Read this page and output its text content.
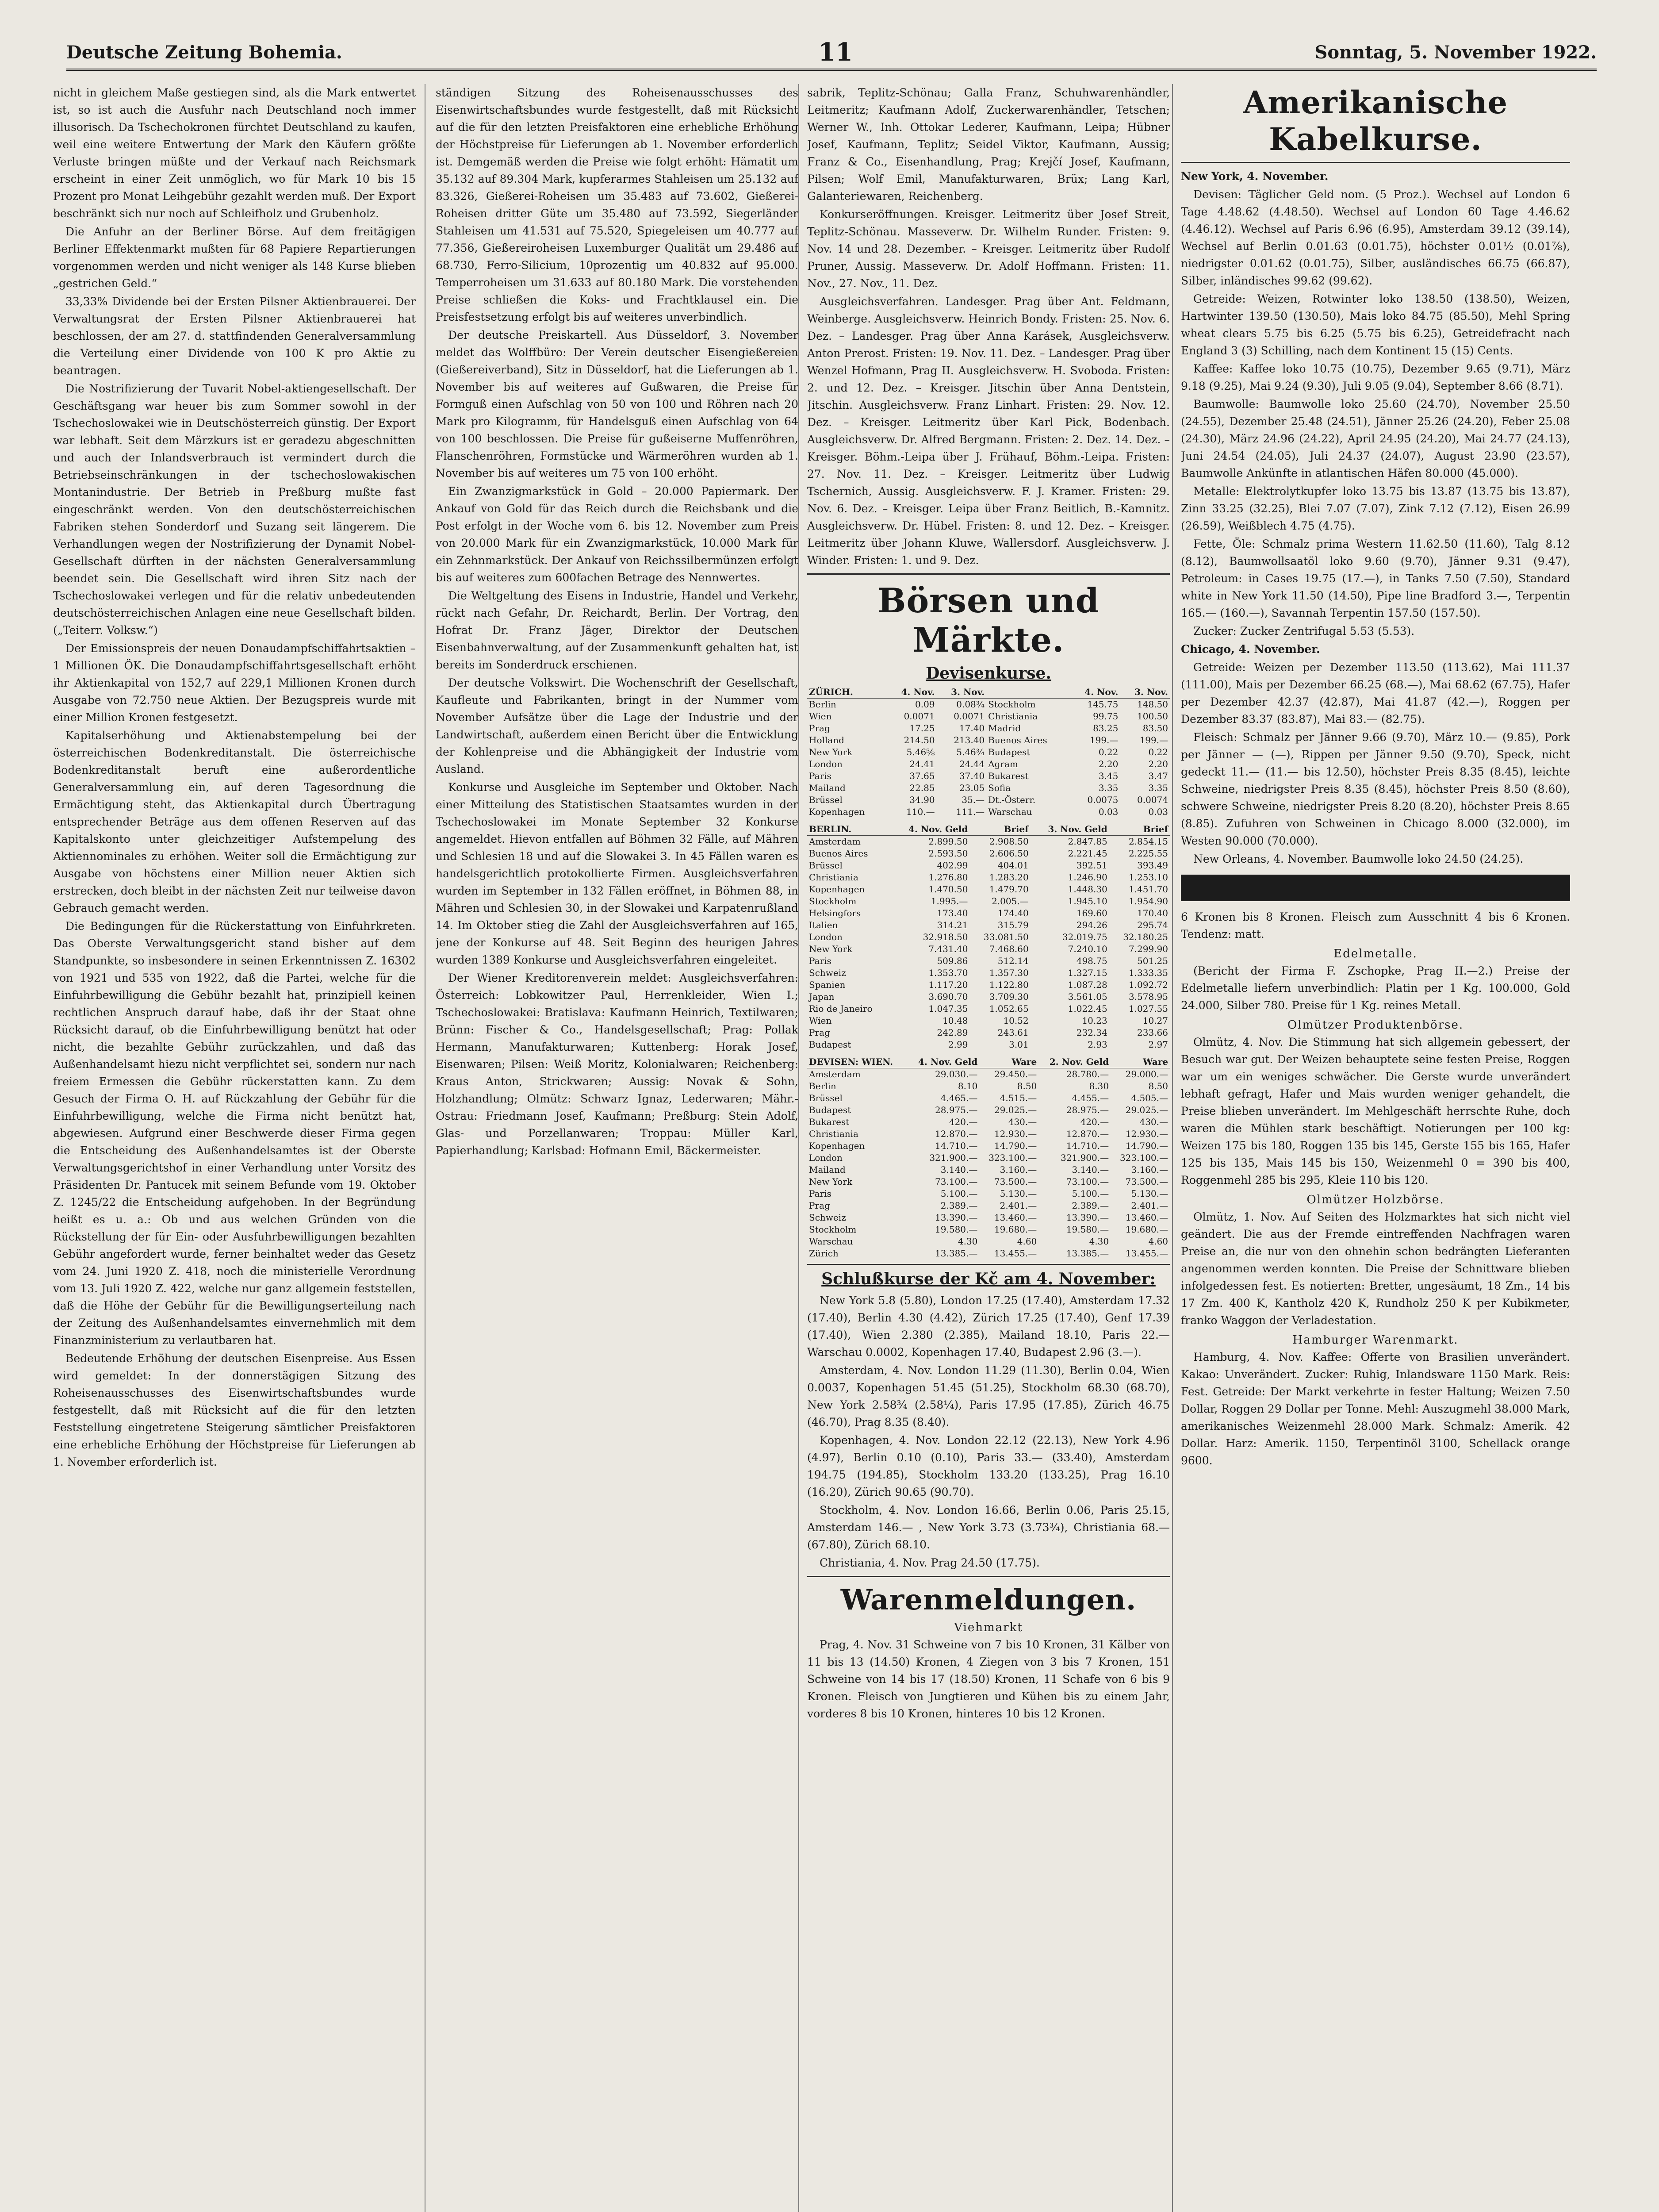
Deutsche Zeitung Bohemia.	11	Sonntag, 5. November 1922.

nicht in gleichem Maße gestiegen sind, als die Mark entwertet ist, so ist auch die Ausfuhr nach Deutschland noch immer illusorisch. Da Tschechokronen fürchtet Deutschland zu kaufen, weil eine weitere Entwertung der Mark den Käufern größte Verluste bringen müßte und der Verkauf nach Reichsmark erscheint in einer Zeit unmöglich, wo für Mark 10 bis 15 Prozent pro Monat Leihgebühr gezahlt werden muß. Der Export beschränkt sich nur noch auf Schleifholz und Grubenholz.

Die Anfuhr an der Berliner Börse. Auf dem freitägigen Berliner Effektenmarkt mußten für 68 Papiere Repartierungen vorgenommen werden und nicht weniger als 148 Kurse blieben „gestrichen Geld.“

33,33% Dividende bei der Ersten Pilsner Aktienbrauerei. Der Verwaltungsrat der Ersten Pilsner Aktienbrauerei hat beschlossen, der am 27. d. stattfindenden Generalversammlung die Verteilung einer Dividende von 100 K pro Aktie zu beantragen.

Die Nostrifizierung der Tuvarit Nobel-aktiengesellschaft. Der Geschäftsgang war heuer bis zum Sommer sowohl in der Tschechoslowakei wie in Deutschösterreich günstig. Der Export war lebhaft. Seit dem Märzkurs ist er geradezu abgeschnitten und auch der Inlandsverbrauch ist vermindert durch die Betriebseinschränkungen in der tschechoslowakischen Montanindustrie. Der Betrieb in Preßburg mußte fast eingeschränkt werden. Von den deutschösterreichischen Fabriken stehen Sonderdorf und Suzang seit längerem. Die Verhandlungen wegen der Nostrifizierung der Dynamit Nobel-Gesellschaft dürften in der nächsten Generalversammlung beendet sein. Die Gesellschaft wird ihren Sitz nach der Tschechoslowakei verlegen und für die relativ unbedeutenden deutschösterreichischen Anlagen eine neue Gesellschaft bilden. („Teiterr. Volksw.“)

Der Emissionspreis der neuen Donaudampfschiffahrtsaktien – 1 Millionen ÖK. Die Donaudampfschiffahrtsgesellschaft erhöht ihr Aktienkapital von 152,7 auf 229,1 Millionen Kronen durch Ausgabe von 72.750 neue Aktien. Der Bezugspreis wurde mit einer Million Kronen festgesetzt.

Kapitalserhöhung und Aktienabstempelung bei der österreichischen Bodenkreditanstalt. Die österreichische Bodenkreditanstalt beruft eine außerordentliche Generalversammlung ein, auf deren Tagesordnung die Ermächtigung steht, das Aktienkapital durch Übertragung entsprechender Beträge aus dem offenen Reserven auf das Kapitalskonto unter gleichzeitiger Aufstempelung des Aktiennominales zu erhöhen. Weiter soll die Ermächtigung zur Ausgabe von höchstens einer Million neuer Aktien sich erstrecken, doch bleibt in der nächsten Zeit nur teilweise davon Gebrauch gemacht werden.

Die Bedingungen für die Rückerstattung von Einfuhrkreten. Das Oberste Verwaltungsgericht stand bisher auf dem Standpunkte, so insbesondere in seinen Erkenntnissen Z. 16302 von 1921 und 535 von 1922, daß die Partei, welche für die Einfuhrbewilligung die Gebühr bezahlt hat, prinzipiell keinen rechtlichen Anspruch darauf habe, daß ihr der Staat ohne Rücksicht darauf, ob die Einfuhrbewilligung benützt hat oder nicht, die bezahlte Gebühr zurückzahlen, und daß das Außenhandelsamt hiezu nicht verpflichtet sei, sondern nur nach freiem Ermessen die Gebühr rückerstatten kann. Zu dem Gesuch der Firma O. H. auf Rückzahlung der Gebühr für die Einfuhrbewilligung, welche die Firma nicht benützt hat, abgewiesen. Aufgrund einer Beschwerde dieser Firma gegen die Entscheidung des Außenhandelsamtes ist der Oberste Verwaltungsgerichtshof in einer Verhandlung unter Vorsitz des Präsidenten Dr. Pantucek mit seinem Befunde vom 19. Oktober Z. 1245/22 die Entscheidung aufgehoben. In der Begründung heißt es u. a.: Ob und aus welchen Gründen von die Rückstellung der für Ein- oder Ausfuhrbewilligungen bezahlten Gebühr angefordert wurde, ferner beinhaltet weder das Gesetz vom 24. Juni 1920 Z. 418, noch die ministerielle Verordnung vom 13. Juli 1920 Z. 422, welche nur ganz allgemein feststellen, daß die Höhe der Gebühr für die Bewilligungserteilung nach der Zeitung des Außenhandelsamtes einvernehmlich mit dem Finanzministerium zu verlautbaren hat.

Bedeutende Erhöhung der deutschen Eisenpreise. Aus Essen wird gemeldet: In der donnerstägigen Sitzung des Roheisenausschusses des Eisenwirtschaftsbundes wurde festgestellt, daß mit Rücksicht auf die für den letzten Feststellung eingetretene Steigerung sämtlicher Preisfaktoren eine erhebliche Erhöhung der Höchstpreise für Lieferungen ab 1. November erforderlich ist.

ständigen Sitzung des Roheisenausschusses des Eisenwirtschaftsbundes wurde festgestellt, daß mit Rücksicht auf die für den letzten Preisfaktoren eine erhebliche Erhöhung der Höchstpreise für Lieferungen ab 1. November erforderlich ist. Demgemäß werden die Preise wie folgt erhöht: Hämatit um 35.132 auf 89.304 Mark, kupferarmes Stahleisen um 25.132 auf 83.326, Gießerei-Roheisen um 35.483 auf 73.602, Gießerei-Roheisen dritter Güte um 35.480 auf 73.592, Siegerländer Stahleisen um 41.531 auf 75.520, Spiegeleisen um 40.777 auf 77.356, Gießereiroheisen Luxemburger Qualität um 29.486 auf 68.730, Ferro-Silicium, 10prozentig um 40.832 auf 95.000. Temperroheisen um 31.633 auf 80.180 Mark. Die vorstehenden Preise schließen die Koks- und Frachtklausel ein. Die Preisfestsetzung erfolgt bis auf weiteres unverbindlich.

Der deutsche Preiskartell. Aus Düsseldorf, 3. November meldet das Wolffbüro: Der Verein deutscher Eisengießereien (Gießereiverband), Sitz in Düsseldorf, hat die Lieferungen ab 1. November bis auf weiteres auf Gußwaren, die Preise für Formguß einen Aufschlag von 50 von 100 und Röhren nach 20 Mark pro Kilogramm, für Handelsguß einen Aufschlag von 64 von 100 beschlossen. Die Preise für gußeiserne Muffenröhren, Flanschenröhren, Formstücke und Wärmeröhren wurden ab 1. November bis auf weiteres um 75 von 100 erhöht.

Ein Zwanzigmarkstück in Gold – 20.000 Papiermark. Der Ankauf von Gold für das Reich durch die Reichsbank und die Post erfolgt in der Woche vom 6. bis 12. November zum Preis von 20.000 Mark für ein Zwanzigmarkstück, 10.000 Mark für ein Zehnmarkstück. Der Ankauf von Reichssilbermünzen erfolgt bis auf weiteres zum 600fachen Betrage des Nennwertes.

Die Weltgeltung des Eisens in Industrie, Handel und Verkehr, rückt nach Gefahr, Dr. Reichardt, Berlin. Der Vortrag, den Hofrat Dr. Franz Jäger, Direktor der Deutschen Eisenbahnverwaltung, auf der Zusammenkunft gehalten hat, ist bereits im Sonderdruck erschienen.

Der deutsche Volkswirt. Die Wochenschrift der Gesellschaft, Kaufleute und Fabrikanten, bringt in der Nummer vom November Aufsätze über die Lage der Industrie und der Landwirtschaft, außerdem einen Bericht über die Entwicklung der Kohlenpreise und die Abhängigkeit der Industrie vom Ausland.

Konkurse und Ausgleiche im September und Oktober. Nach einer Mitteilung des Statistischen Staatsamtes wurden in der Tschechoslowakei im Monate September 32 Konkurse angemeldet. Hievon entfallen auf Böhmen 32 Fälle, auf Mähren und Schlesien 18 und auf die Slowakei 3. In 45 Fällen waren es handelsgerichtlich protokollierte Firmen. Ausgleichsverfahren wurden im September in 132 Fällen eröffnet, in Böhmen 88, in Mähren und Schlesien 30, in der Slowakei und Karpatenrußland 14. Im Oktober stieg die Zahl der Ausgleichsverfahren auf 165, jene der Konkurse auf 48. Seit Beginn des heurigen Jahres wurden 1389 Konkurse und Ausgleichsverfahren eingeleitet.

Der Wiener Kreditorenverein meldet: Ausgleichsverfahren: Österreich: Lobkowitzer Paul, Herrenkleider, Wien I.; Tschechoslowakei: Bratislava: Kaufmann Heinrich, Textilwaren; Brünn: Fischer & Co., Handelsgesellschaft; Prag: Pollak Hermann, Manufakturwaren; Kuttenberg: Horak Josef, Eisenwaren; Pilsen: Weiß Moritz, Kolonialwaren; Reichenberg: Kraus Anton, Strickwaren; Aussig: Novak & Sohn, Holzhandlung; Olmütz: Schwarz Ignaz, Lederwaren; Mähr.-Ostrau: Friedmann Josef, Kaufmann; Preßburg: Stein Adolf, Glas- und Porzellanwaren; Troppau: Müller Karl, Papierhandlung; Karlsbad: Hofmann Emil, Bäckermeister.

sabrik, Teplitz-Schönau; Galla Franz, Schuhwarenhändler, Leitmeritz; Kaufmann Adolf, Zuckerwarenhändler, Tetschen; Werner W., Inh. Ottokar Lederer, Kaufmann, Leipa; Hübner Josef, Kaufmann, Teplitz; Seidel Viktor, Kaufmann, Aussig; Franz & Co., Eisenhandlung, Prag; Krejčí Josef, Kaufmann, Pilsen; Wolf Emil, Manufakturwaren, Brüx; Lang Karl, Galanteriewaren, Reichenberg.

Konkurseröffnungen. Kreisger. Leitmeritz über Josef Streit, Teplitz-Schönau. Masseverw. Dr. Wilhelm Runder. Fristen: 9. Nov. 14 und 28. Dezember. – Kreisger. Leitmeritz über Rudolf Pruner, Aussig. Masseverw. Dr. Adolf Hoffmann. Fristen: 11. Nov., 27. Nov., 11. Dez.

Ausgleichsverfahren. Landesger. Prag über Ant. Feldmann, Weinberge. Ausgleichsverw. Heinrich Bondy. Fristen: 25. Nov. 6. Dez. – Landesger. Prag über Anna Karásek, Ausgleichsverw. Anton Prerost. Fristen: 19. Nov. 11. Dez. – Landesger. Prag über Wenzel Hofmann, Prag II. Ausgleichsverw. H. Svoboda. Fristen: 2. und 12. Dez. – Kreisger. Jitschin über Anna Dentstein, Jitschin. Ausgleichsverw. Franz Linhart. Fristen: 29. Nov. 12. Dez. – Kreisger. Leitmeritz über Karl Pick, Bodenbach. Ausgleichsverw. Dr. Alfred Bergmann. Fristen: 2. Dez. 14. Dez. – Kreisger. Böhm.-Leipa über J. Frühauf, Böhm.-Leipa. Fristen: 27. Nov. 11. Dez. – Kreisger. Leitmeritz über Ludwig Tschernich, Aussig. Ausgleichsverw. F. J. Kramer. Fristen: 29. Nov. 6. Dez. – Kreisger. Leipa über Franz Beitlich, B.-Kamnitz. Ausgleichsverw. Dr. Hübel. Fristen: 8. und 12. Dez. – Kreisger. Leitmeritz über Johann Kluwe, Wallersdorf. Ausgleichsverw. J. Winder. Fristen: 1. und 9. Dez.

Börsen und Märkte.
Devisenkurse.
ZÜRICH.	4. Nov.	3. Nov.		4. Nov.	3. Nov.
Berlin	0.09	0.08¾	Stockholm	145.75	148.50
Wien	0.0071	0.0071	Christiania	99.75	100.50
Prag	17.25	17.40	Madrid	83.25	83.50
Holland	214.50	213.40	Buenos Aires	199.—	199.—
New York	5.46⅝	5.46¾	Budapest	0.22	0.22
London	24.41	24.44	Agram	2.20	2.20
Paris	37.65	37.40	Bukarest	3.45	3.47
Mailand	22.85	23.05	Sofia	3.35	3.35
Brüssel	34.90	35.—	Dt.-Österr.	0.0075	0.0074
Kopenhagen	110.—	111.—	Warschau	0.03	0.03
BERLIN.	4. Nov. Geld	Brief	3. Nov. Geld	Brief
Amsterdam	2.899.50	2.908.50	2.847.85	2.854.15
Buenos Aires	2.593.50	2.606.50	2.221.45	2.225.55
Brüssel	402.99	404.01	392.51	393.49
Christiania	1.276.80	1.283.20	1.246.90	1.253.10
Kopenhagen	1.470.50	1.479.70	1.448.30	1.451.70
Stockholm	1.995.—	2.005.—	1.945.10	1.954.90
Helsingfors	173.40	174.40	169.60	170.40
Italien	314.21	315.79	294.26	295.74
London	32.918.50	33.081.50	32.019.75	32.180.25
New York	7.431.40	7.468.60	7.240.10	7.299.90
Paris	509.86	512.14	498.75	501.25
Schweiz	1.353.70	1.357.30	1.327.15	1.333.35
Spanien	1.117.20	1.122.80	1.087.28	1.092.72
Japan	3.690.70	3.709.30	3.561.05	3.578.95
Rio de Janeiro	1.047.35	1.052.65	1.022.45	1.027.55
Wien	10.48	10.52	10.23	10.27
Prag	242.89	243.61	232.34	233.66
Budapest	2.99	3.01	2.93	2.97
DEVISEN: WIEN.	4. Nov. Geld	Ware	2. Nov. Geld	Ware
Amsterdam	29.030.—	29.450.—	28.780.—	29.000.—
Berlin	8.10	8.50	8.30	8.50
Brüssel	4.465.—	4.515.—	4.455.—	4.505.—
Budapest	28.975.—	29.025.—	28.975.—	29.025.—
Bukarest	420.—	430.—	420.—	430.—
Christiania	12.870.—	12.930.—	12.870.—	12.930.—
Kopenhagen	14.710.—	14.790.—	14.710.—	14.790.—
London	321.900.—	323.100.—	321.900.—	323.100.—
Mailand	3.140.—	3.160.—	3.140.—	3.160.—
New York	73.100.—	73.500.—	73.100.—	73.500.—
Paris	5.100.—	5.130.—	5.100.—	5.130.—
Prag	2.389.—	2.401.—	2.389.—	2.401.—
Schweiz	13.390.—	13.460.—	13.390.—	13.460.—
Stockholm	19.580.—	19.680.—	19.580.—	19.680.—
Warschau	4.30	4.60	4.30	4.60
Zürich	13.385.—	13.455.—	13.385.—	13.455.—
Schlußkurse der Kč am 4. November:

New York 5.8 (5.80), London 17.25 (17.40), Amsterdam 17.32 (17.40), Berlin 4.30 (4.42), Zürich 17.25 (17.40), Genf 17.39 (17.40), Wien 2.380 (2.385), Mailand 18.10, Paris 22.— Warschau 0.0002, Kopenhagen 17.40, Budapest 2.96 (3.—).

Amsterdam, 4. Nov. London 11.29 (11.30), Berlin 0.04, Wien 0.0037, Kopenhagen 51.45 (51.25), Stockholm 68.30 (68.70), New York 2.58¾ (2.58¼), Paris 17.95 (17.85), Zürich 46.75 (46.70), Prag 8.35 (8.40).

Kopenhagen, 4. Nov. London 22.12 (22.13), New York 4.96 (4.97), Berlin 0.10 (0.10), Paris 33.— (33.40), Amsterdam 194.75 (194.85), Stockholm 133.20 (133.25), Prag 16.10 (16.20), Zürich 90.65 (90.70).

Stockholm, 4. Nov. London 16.66, Berlin 0.06, Paris 25.15, Amsterdam 146.— , New York 3.73 (3.73¾), Christiania 68.— (67.80), Zürich 68.10.

Christiania, 4. Nov. Prag 24.50 (17.75).

Warenmeldungen.
Viehmarkt

Prag, 4. Nov. 31 Schweine von 7 bis 10 Kronen, 31 Kälber von 11 bis 13 (14.50) Kronen, 4 Ziegen von 3 bis 7 Kronen, 151 Schweine von 14 bis 17 (18.50) Kronen, 11 Schafe von 6 bis 9 Kronen. Fleisch von Jungtieren und Kühen bis zu einem Jahr, vorderes 8 bis 10 Kronen, hinteres 10 bis 12 Kronen.

Amerikanische Kabelkurse.

New York, 4. November.

Devisen: Täglicher Geld nom. (5 Proz.). Wechsel auf London 6 Tage 4.48.62 (4.48.50). Wechsel auf London 60 Tage 4.46.62 (4.46.12). Wechsel auf Paris 6.96 (6.95), Amsterdam 39.12 (39.14), Wechsel auf Berlin 0.01.63 (0.01.75), höchster 0.01½ (0.01⅞), niedrigster 0.01.62 (0.01.75), Silber, ausländisches 66.75 (66.87), Silber, inländisches 99.62 (99.62).

Getreide: Weizen, Rotwinter loko 138.50 (138.50), Weizen, Hartwinter 139.50 (130.50), Mais loko 84.75 (85.50), Mehl Spring wheat clears 5.75 bis 6.25 (5.75 bis 6.25), Getreidefracht nach England 3 (3) Schilling, nach dem Kontinent 15 (15) Cents.

Kaffee: Kaffee loko 10.75 (10.75), Dezember 9.65 (9.71), März 9.18 (9.25), Mai 9.24 (9.30), Juli 9.05 (9.04), September 8.66 (8.71).

Baumwolle: Baumwolle loko 25.60 (24.70), November 25.50 (24.55), Dezember 25.48 (24.51), Jänner 25.26 (24.20), Feber 25.08 (24.30), März 24.96 (24.22), April 24.95 (24.20), Mai 24.77 (24.13), Juni 24.54 (24.05), Juli 24.37 (24.07), August 23.90 (23.57), Baumwolle Ankünfte in atlantischen Häfen 80.000 (45.000).

Metalle: Elektrolytkupfer loko 13.75 bis 13.87 (13.75 bis 13.87), Zinn 33.25 (32.25), Blei 7.07 (7.07), Zink 7.12 (7.12), Eisen 26.99 (26.59), Weißblech 4.75 (4.75).

Fette, Öle: Schmalz prima Western 11.62.50 (11.60), Talg 8.12 (8.12), Baumwollsaatöl loko 9.60 (9.70), Jänner 9.31 (9.47), Petroleum: in Cases 19.75 (17.—), in Tanks 7.50 (7.50), Standard white in New York 11.50 (14.50), Pipe line Bradford 3.—, Terpentin 165.— (160.—), Savannah Terpentin 157.50 (157.50).

Zucker: Zucker Zentrifugal 5.53 (5.53).

Chicago, 4. November.

Getreide: Weizen per Dezember 113.50 (113.62), Mai 111.37 (111.00), Mais per Dezember 66.25 (68.—), Mai 68.62 (67.75), Hafer per Dezember 42.37 (42.87), Mai 41.87 (42.—), Roggen per Dezember 83.37 (83.87), Mai 83.— (82.75).

Fleisch: Schmalz per Jänner 9.66 (9.70), März 10.— (9.85), Pork per Jänner — (—), Rippen per Jänner 9.50 (9.70), Speck, nicht gedeckt 11.— (11.— bis 12.50), höchster Preis 8.35 (8.45), leichte Schweine, niedrigster Preis 8.35 (8.45), höchster Preis 8.50 (8.60), schwere Schweine, niedrigster Preis 8.20 (8.20), höchster Preis 8.65 (8.85). Zufuhren von Schweinen in Chicago 8.000 (32.000), im Westen 90.000 (70.000).

New Orleans, 4. November. Baumwolle loko 24.50 (24.25).

6 Kronen bis 8 Kronen. Fleisch zum Ausschnitt 4 bis 6 Kronen. Tendenz: matt.

Edelmetalle.

(Bericht der Firma F. Zschopke, Prag II.—2.) Preise der Edelmetalle liefern unverbindlich: Platin per 1 Kg. 100.000, Gold 24.000, Silber 780. Preise für 1 Kg. reines Metall.

Olmützer Produktenbörse.

Olmütz, 4. Nov. Die Stimmung hat sich allgemein gebessert, der Besuch war gut. Der Weizen behauptete seine festen Preise, Roggen war um ein weniges schwächer. Die Gerste wurde unverändert lebhaft gefragt, Hafer und Mais wurden weniger gehandelt, die Preise blieben unverändert. Im Mehlgeschäft herrschte Ruhe, doch waren die Mühlen stark beschäftigt. Notierungen per 100 kg: Weizen 175 bis 180, Roggen 135 bis 145, Gerste 155 bis 165, Hafer 125 bis 135, Mais 145 bis 150, Weizenmehl 0 = 390 bis 400, Roggenmehl 285 bis 295, Kleie 110 bis 120.

Olmützer Holzbörse.

Olmütz, 1. Nov. Auf Seiten des Holzmarktes hat sich nicht viel geändert. Die aus der Fremde eintreffenden Nachfragen waren Preise an, die nur von den ohnehin schon bedrängten Lieferanten angenommen werden konnten. Die Preise der Schnittware blieben infolgedessen fest. Es notierten: Bretter, ungesäumt, 18 Zm., 14 bis 17 Zm. 400 K, Kantholz 420 K, Rundholz 250 K per Kubikmeter, franko Waggon der Verladestation.

Hamburger Warenmarkt.

Hamburg, 4. Nov. Kaffee: Offerte von Brasilien unverändert. Kakao: Unverändert. Zucker: Ruhig, Inlandsware 1150 Mark. Reis: Fest. Getreide: Der Markt verkehrte in fester Haltung; Weizen 7.50 Dollar, Roggen 29 Dollar per Tonne. Mehl: Auszugmehl 38.000 Mark, amerikanisches Weizenmehl 28.000 Mark. Schmalz: Amerik. 42 Dollar. Harz: Amerik. 1150, Terpentinöl 3100, Schellack orange 9600.
